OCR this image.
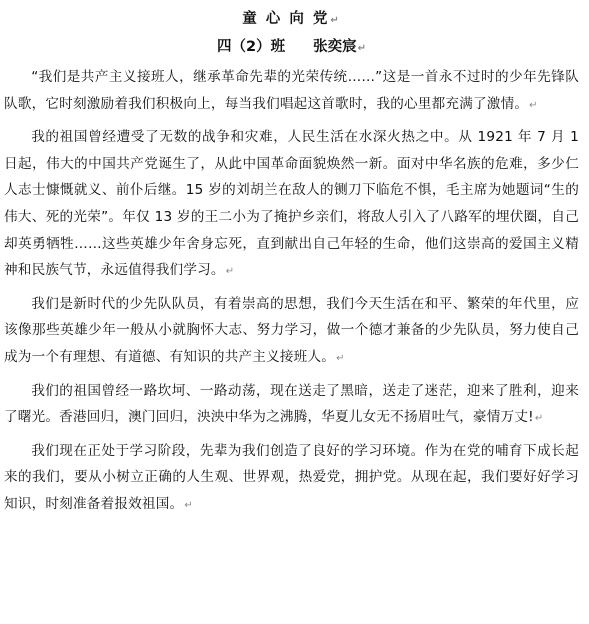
童 心 向 党↵
四（2）班 张奕宸↵

“我们是共产主义接班人，继承革命先辈的光荣传统……”这是一首永不过时的少年先锋队队歌，它时刻激励着我们积极向上，每当我们唱起这首歌时，我的心里都充满了激情。↵

我的祖国曾经遭受了无数的战争和灾难，人民生活在水深火热之中。从 1921 年 7 月 1 日起，伟大的中国共产党诞生了，从此中国革命面貌焕然一新。面对中华名族的危难，多少仁人志士慷慨就义、前仆后继。15 岁的刘胡兰在敌人的铡刀下临危不惧，毛主席为她题词“生的伟大、死的光荣”。年仅 13 岁的王二小为了掩护乡亲们，将敌人引入了八路军的埋伏圈，自己却英勇牺牲……这些英雄少年舍身忘死，直到献出自己年轻的生命，他们这崇高的爱国主义精神和民族气节，永远值得我们学习。↵

我们是新时代的少先队队员，有着崇高的思想，我们今天生活在和平、繁荣的年代里，应该像那些英雄少年一般从小就胸怀大志、努力学习，做一个德才兼备的少先队员，努力使自己成为一个有理想、有道德、有知识的共产主义接班人。↵

我们的祖国曾经一路坎坷、一路动荡，现在送走了黑暗，送走了迷茫，迎来了胜利，迎来了曙光。香港回归，澳门回归，泱泱中华为之沸腾，华夏儿女无不扬眉吐气，豪情万丈!↵

我们现在正处于学习阶段，先辈为我们创造了良好的学习环境。作为在党的哺育下成长起来的我们，要从小树立正确的人生观、世界观，热爱党，拥护党。从现在起，我们要好好学习知识，时刻准备着报效祖国。↵
